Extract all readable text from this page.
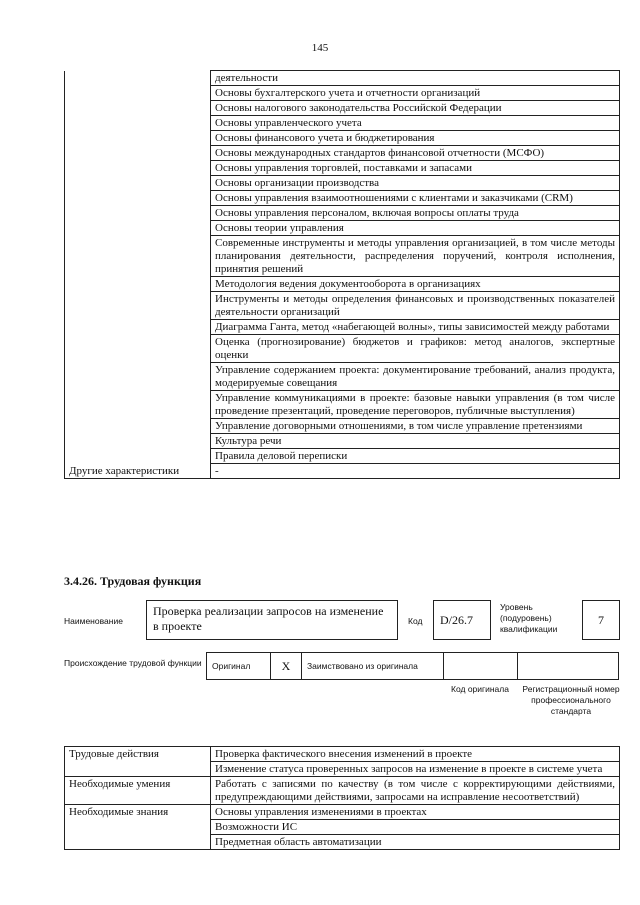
145
	деятельности
	Основы бухгалтерского учета и отчетности организаций
	Основы налогового законодательства Российской Федерации
	Основы управленческого учета
	Основы финансового учета и бюджетирования
	Основы международных стандартов финансовой отчетности (МСФО)
	Основы управления торговлей, поставками и запасами
	Основы организации производства
	Основы управления взаимоотношениями с клиентами и заказчиками (CRM)
	Основы управления персоналом, включая вопросы оплаты труда
	Основы теории управления
	Современные инструменты и методы управления организацией, в том числе методы планирования деятельности, распределения поручений, контроля исполнения, принятия решений
	Методология ведения документооборота в организациях
	Инструменты и методы определения финансовых и производственных показателей деятельности организаций
	Диаграмма Ганта, метод «набегающей волны», типы зависимостей между работами
	Оценка (прогнозирование) бюджетов и графиков: метод аналогов, экспертные оценки
	Управление содержанием проекта: документирование требований, анализ продукта, модерируемые совещания
	Управление коммуникациями в проекте: базовые навыки управления (в том числе проведение презентаций, проведение переговоров, публичные выступления)
	Управление договорными отношениями, в том числе управление претензиями
	Культура речи
	Правила деловой переписки
Другие характеристики	-
3.4.26. Трудовая функция
Наименование
Проверка реализации запросов на изменение в проекте	Код	D/26.7
Уровень (подуровень) квалификации
7
Происхождение трудовой функции	Оригинал	X	Заимствовано из оригинала
Код оригинала	Регистрационный номер профессионального стандарта
Трудовые действия	Проверка фактического внесения изменений в проекте
	Изменение статуса проверенных запросов на изменение в проекте в системе учета
Необходимые умения	Работать с записями по качеству (в том числе с корректирующими действиями, предупреждающими действиями, запросами на исправление несоответствий)
Необходимые знания	Основы управления изменениями в проектах
	Возможности ИС
	Предметная область автоматизации
